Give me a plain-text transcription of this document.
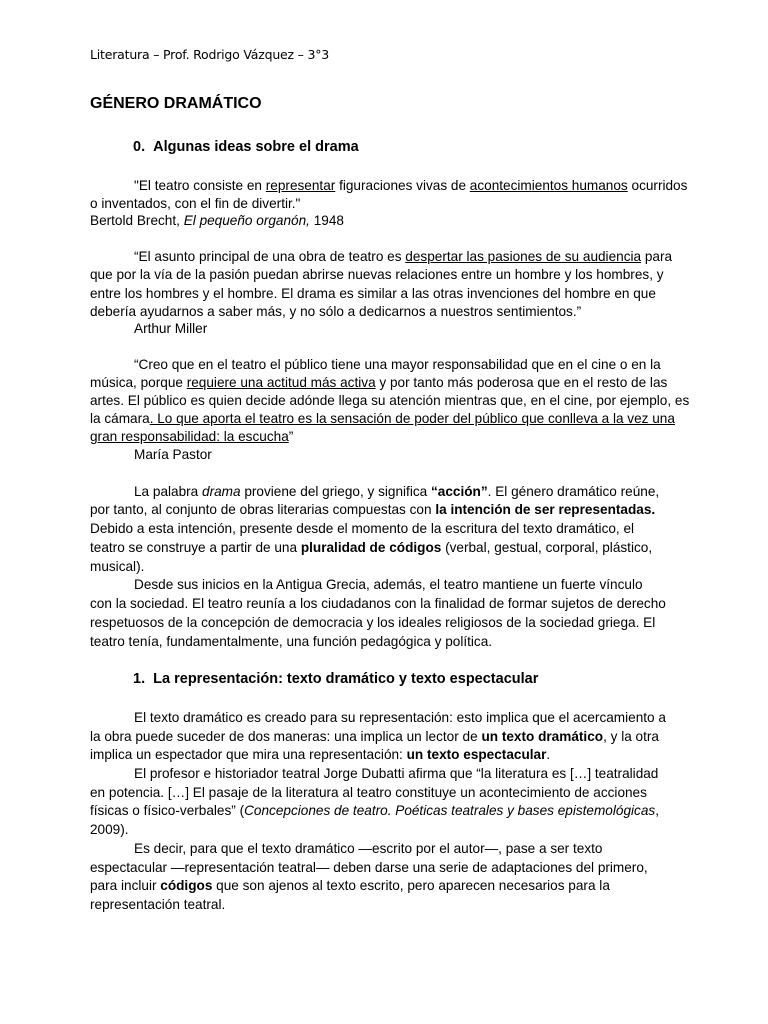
Literatura – Prof. Rodrigo Vázquez – 3°3
GÉNERO DRAMÁTICO
0. Algunas ideas sobre el drama
"El teatro consiste en representar figuraciones vivas de acontecimientos humanos ocurridos
o inventados, con el fin de divertir."
Bertold Brecht, El pequeño organón, 1948
“El asunto principal de una obra de teatro es despertar las pasiones de su audiencia para
que por la vía de la pasión puedan abrirse nuevas relaciones entre un hombre y los hombres, y
entre los hombres y el hombre. El drama es similar a las otras invenciones del hombre en que
debería ayudarnos a saber más, y no sólo a dedicarnos a nuestros sentimientos.”
Arthur Miller
“Creo que en el teatro el público tiene una mayor responsabilidad que en el cine o en la
música, porque requiere una actitud más activa y por tanto más poderosa que en el resto de las
artes. El público es quien decide adónde llega su atención mientras que, en el cine, por ejemplo, es
la cámara. Lo que aporta el teatro es la sensación de poder del público que conlleva a la vez una
gran responsabilidad: la escucha”
María Pastor
La palabra drama proviene del griego, y significa “acción”. El género dramático reúne,
por tanto, al conjunto de obras literarias compuestas con la intención de ser representadas.
Debido a esta intención, presente desde el momento de la escritura del texto dramático, el
teatro se construye a partir de una pluralidad de códigos (verbal, gestual, corporal, plástico,
musical).
Desde sus inicios en la Antigua Grecia, además, el teatro mantiene un fuerte vínculo
con la sociedad. El teatro reunía a los ciudadanos con la finalidad de formar sujetos de derecho
respetuosos de la concepción de democracia y los ideales religiosos de la sociedad griega. El
teatro tenía, fundamentalmente, una función pedagógica y política.
El texto dramático es creado para su representación: esto implica que el acercamiento a
la obra puede suceder de dos maneras: una implica un lector de un texto dramático, y la otra
implica un espectador que mira una representación: un texto espectacular.
El profesor e historiador teatral Jorge Dubatti afirma que “la literatura es […] teatralidad
en potencia. […] El pasaje de la literatura al teatro constituye un acontecimiento de acciones
físicas o físico-verbales” (Concepciones de teatro. Poéticas teatrales y bases epistemológicas,
2009).
Es decir, para que el texto dramático —escrito por el autor—, pase a ser texto
espectacular —representación teatral— deben darse una serie de adaptaciones del primero,
para incluir códigos que son ajenos al texto escrito, pero aparecen necesarios para la
representación teatral.
1. La representación: texto dramático y texto espectacular
